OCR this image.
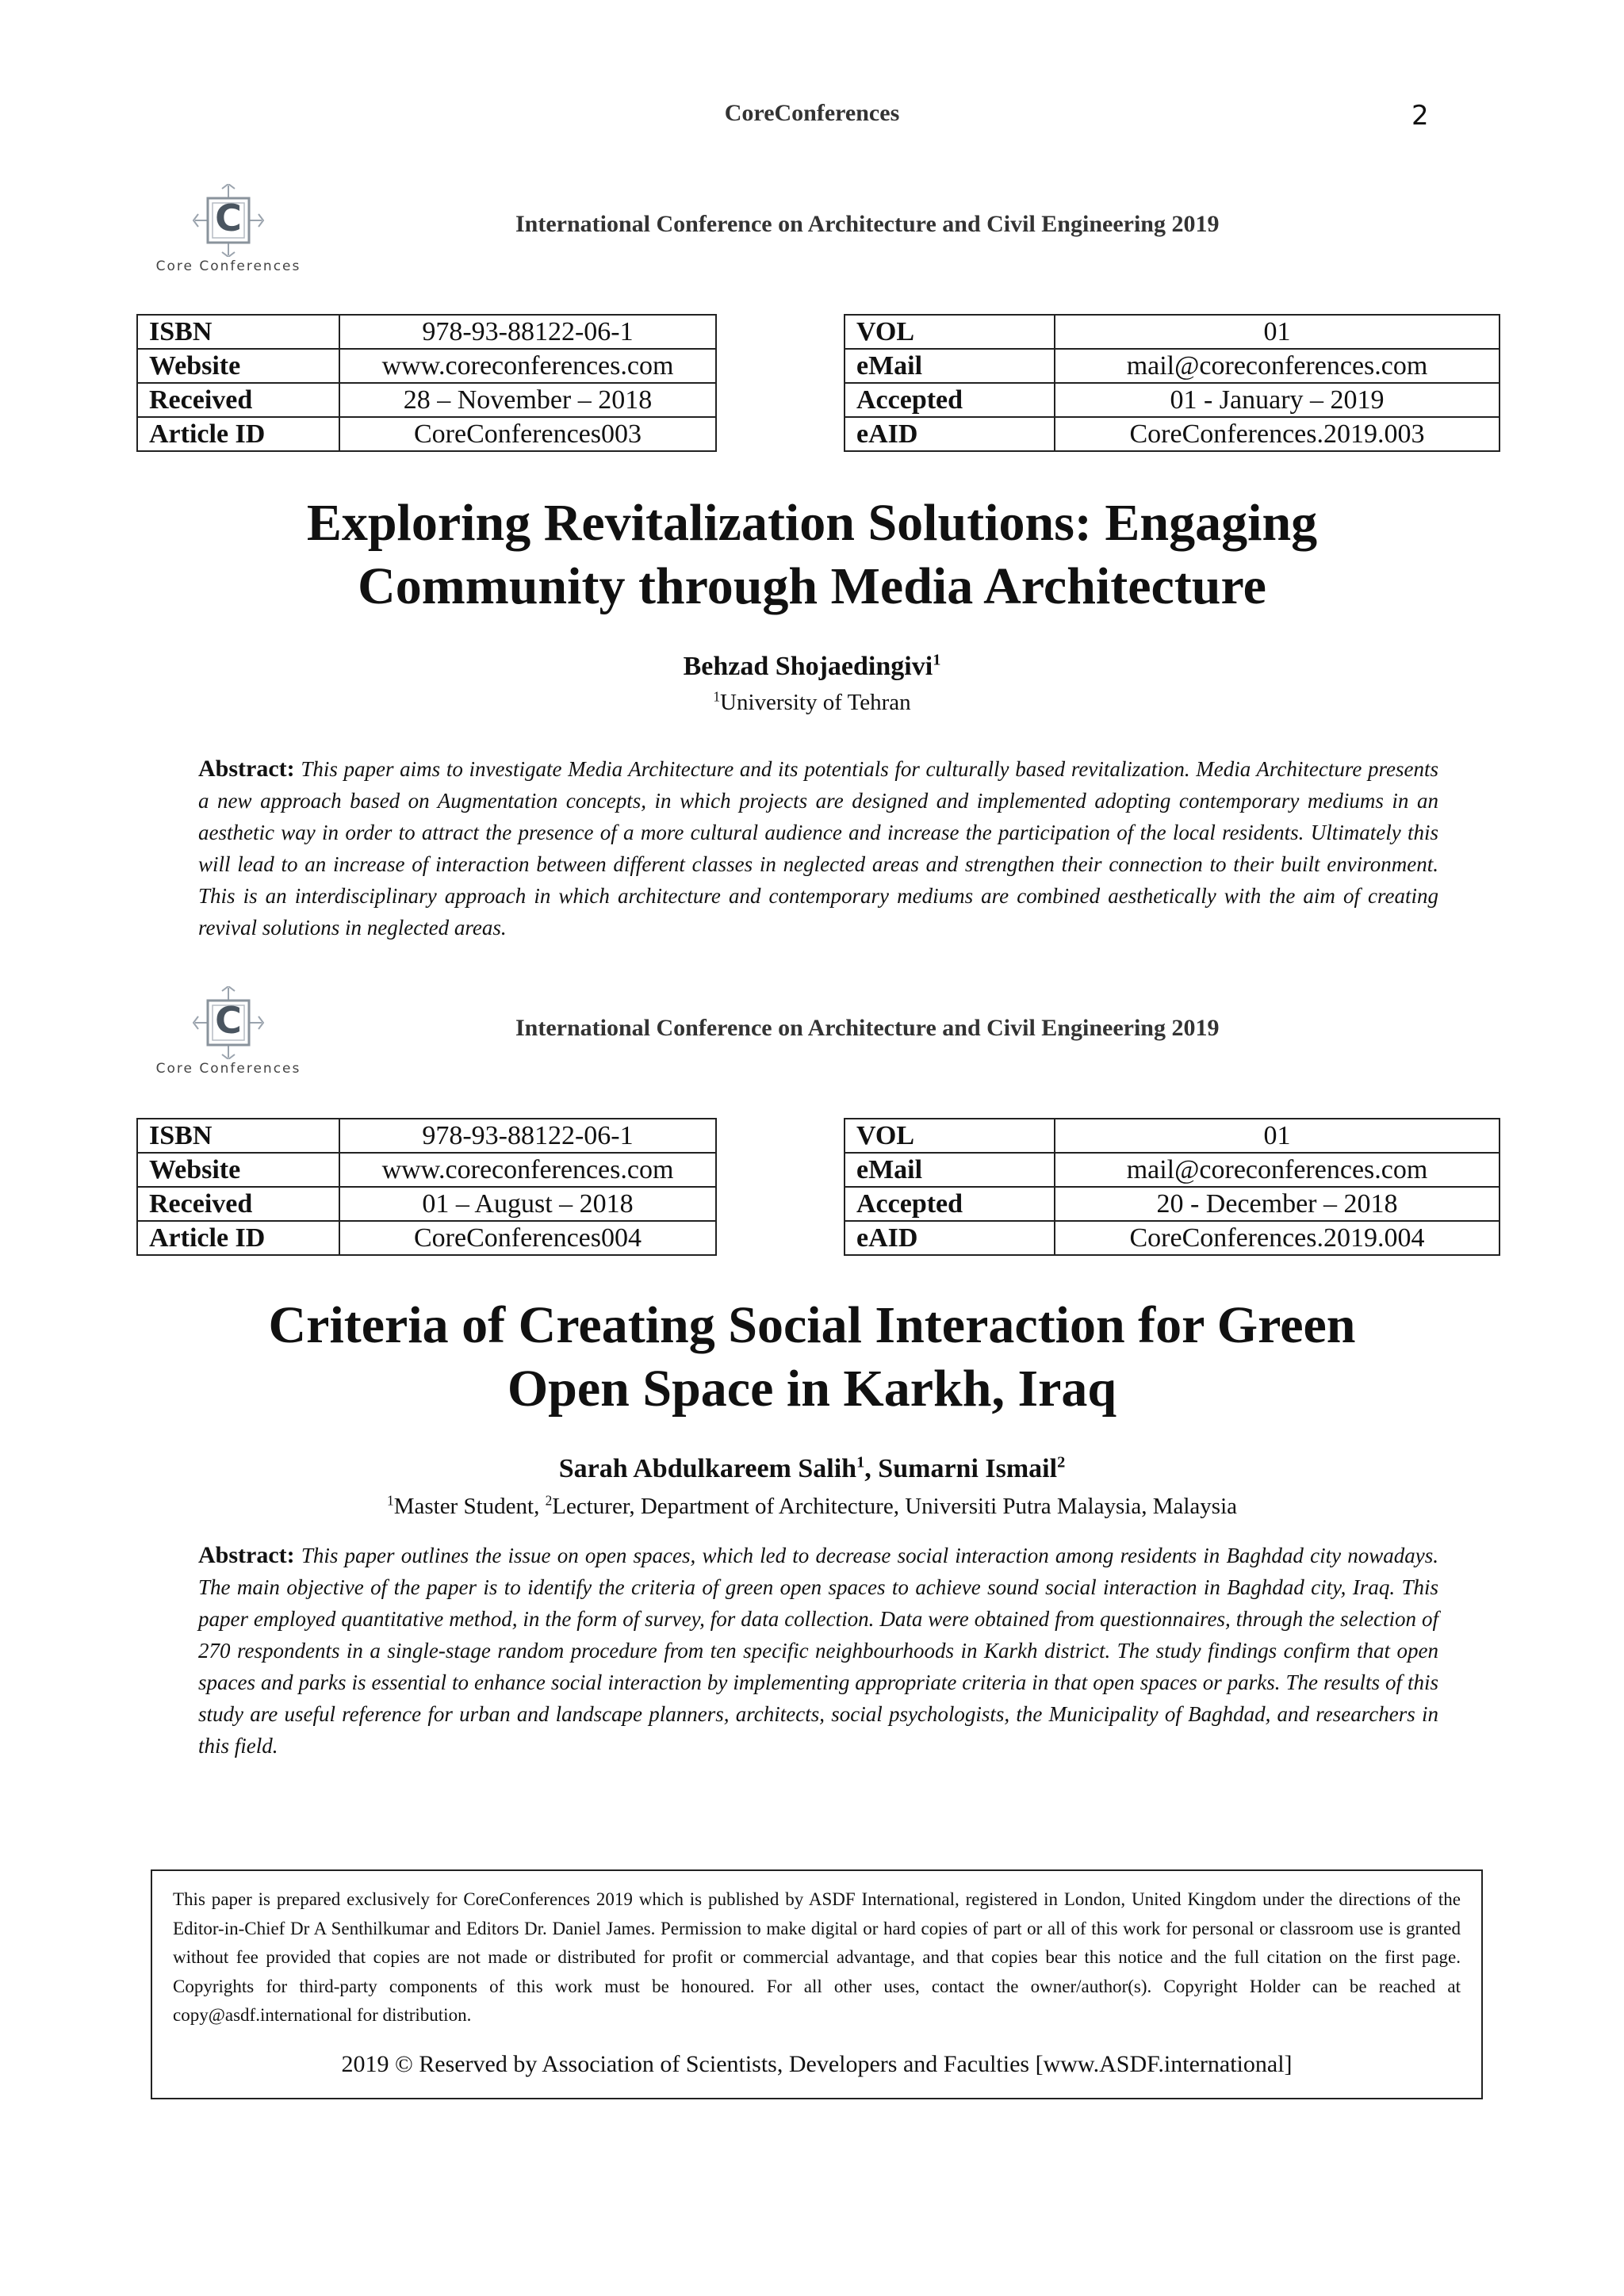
CoreConferences	2
C
Core Conferences
International Conference on Architecture and Civil Engineering 2019
ISBN	978-93-88122-06-1
Website	www.coreconferences.com
Received	28 – November – 2018
Article ID	CoreConferences003
VOL	01
eMail	mail@coreconferences.com
Accepted	01 - January – 2019
eAID	CoreConferences.2019.003
Exploring Revitalization Solutions: Engaging
Community through Media Architecture
Behzad Shojaedingivi$^1$
$^1$University of Tehran
Abstract: This paper aims to investigate Media Architecture and its potentials for culturally based revitalization. Media Architecture presents a new approach based on Augmentation concepts, in which projects are designed and implemented adopting contemporary mediums in an aesthetic way in order to attract the presence of a more cultural audience and increase the participation of the local residents. Ultimately this will lead to an increase of interaction between different classes in neglected areas and strengthen their connection to their built environment. This is an interdisciplinary approach in which architecture and contemporary mediums are combined aesthetically with the aim of creating revival solutions in neglected areas.
C
Core Conferences
International Conference on Architecture and Civil Engineering 2019
ISBN	978-93-88122-06-1
Website	www.coreconferences.com
Received	01 – August – 2018
Article ID	CoreConferences004
VOL	01
eMail	mail@coreconferences.com
Accepted	20 - December – 2018
eAID	CoreConferences.2019.004
Criteria of Creating Social Interaction for Green
Open Space in Karkh, Iraq
Sarah Abdulkareem Salih$^1$, Sumarni Ismail$^2$
$^1$Master Student, $^2$Lecturer, Department of Architecture, Universiti Putra Malaysia, Malaysia
Abstract: This paper outlines the issue on open spaces, which led to decrease social interaction among residents in Baghdad city nowadays. The main objective of the paper is to identify the criteria of green open spaces to achieve sound social interaction in Baghdad city, Iraq. This paper employed quantitative method, in the form of survey, for data collection. Data were obtained from questionnaires, through the selection of 270 respondents in a single-stage random procedure from ten specific neighbourhoods in Karkh district. The study findings confirm that open spaces and parks is essential to enhance social interaction by implementing appropriate criteria in that open spaces or parks. The results of this study are useful reference for urban and landscape planners, architects, social psychologists, the Municipality of Baghdad, and researchers in this field.
This paper is prepared exclusively for CoreConferences 2019 which is published by ASDF International, registered in London, United Kingdom under the directions of the Editor-in-Chief Dr A Senthilkumar and Editors Dr. Daniel James. Permission to make digital or hard copies of part or all of this work for personal or classroom use is granted without fee provided that copies are not made or distributed for profit or commercial advantage, and that copies bear this notice and the full citation on the first page. Copyrights for third-party components of this work must be honoured. For all other uses, contact the owner/author(s). Copyright Holder can be reached at copy@asdf.international for distribution.
2019 © Reserved by Association of Scientists, Developers and Faculties [www.ASDF.international]
